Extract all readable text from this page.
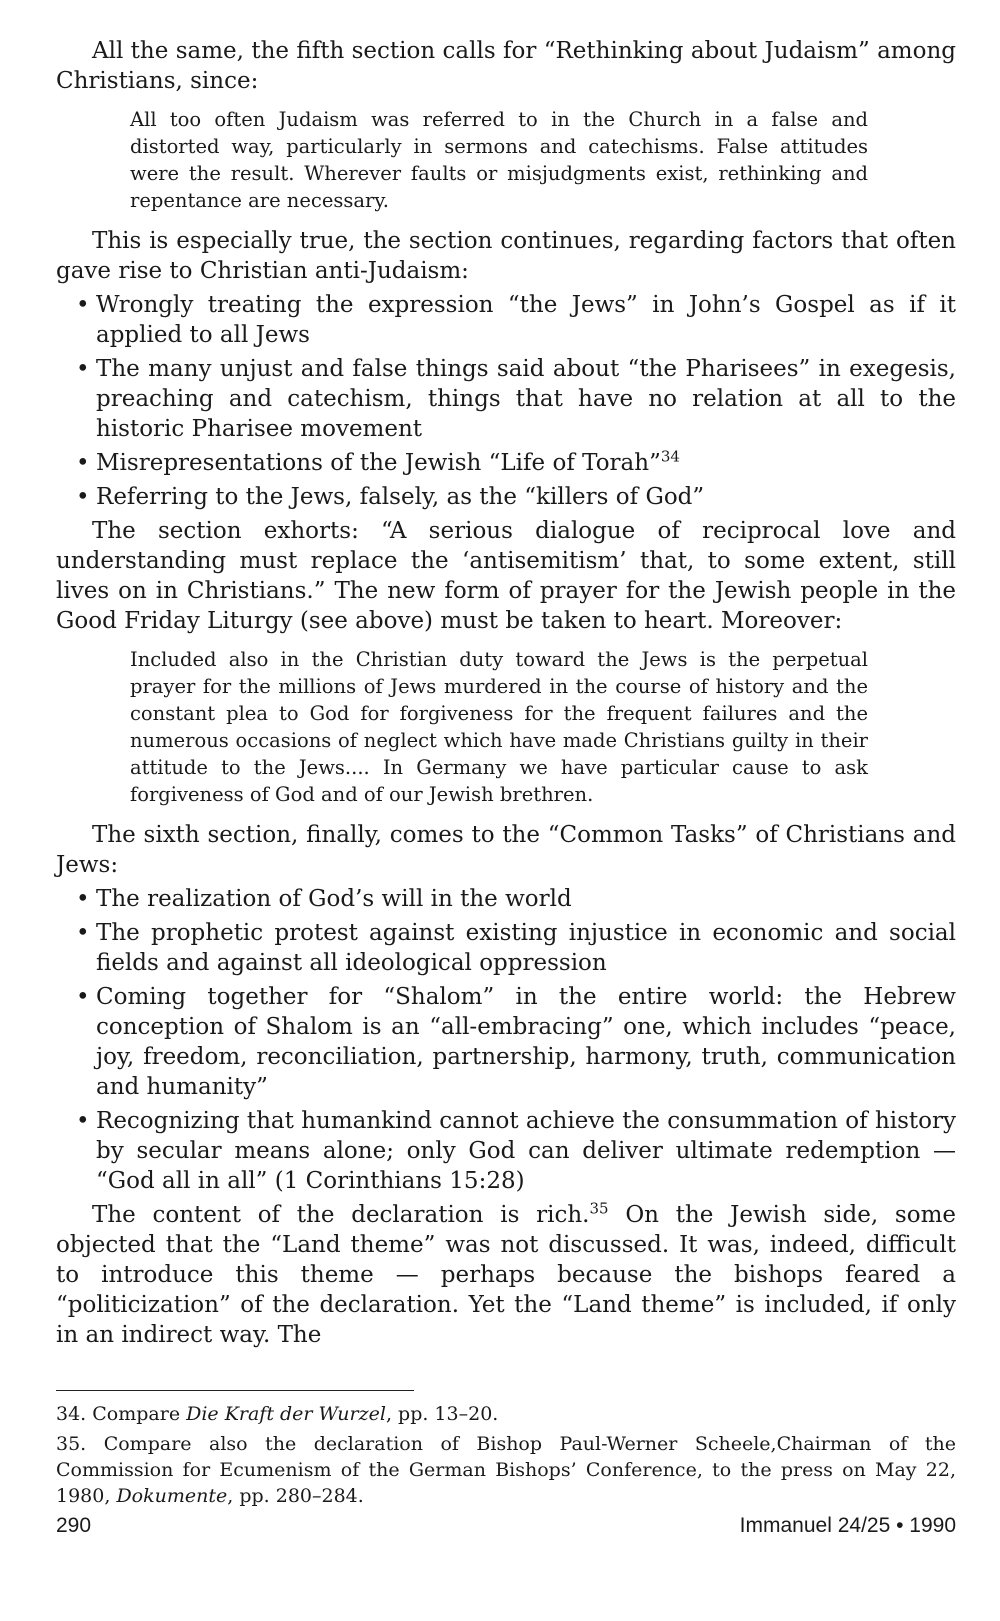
All the same, the fifth section calls for “Rethinking about Judaism” among Christians, since:

All too often Judaism was referred to in the Church in a false and distorted way, particularly in sermons and catechisms. False attitudes were the result. Wherever faults or misjudgments exist, rethinking and repentance are necessary.

This is especially true, the section continues, regarding factors that often gave rise to Christian anti-Judaism:

• Wrongly treating the expression “the Jews” in John’s Gospel as if it applied to all Jews
• The many unjust and false things said about “the Pharisees” in exegesis, preaching and catechism, things that have no relation at all to the historic Pharisee movement
• Misrepresentations of the Jewish “Life of Torah”$^{34}$
• Referring to the Jews, falsely, as the “killers of God”

The section exhorts: “A serious dialogue of reciprocal love and understanding must replace the ‘antisemitism’ that, to some extent, still lives on in Christians.” The new form of prayer for the Jewish people in the Good Friday Liturgy (see above) must be taken to heart. Moreover:

Included also in the Christian duty toward the Jews is the perpetual prayer for the millions of Jews murdered in the course of history and the constant plea to God for forgiveness for the frequent failures and the numerous occasions of neglect which have made Christians guilty in their attitude to the Jews.... In Germany we have particular cause to ask forgiveness of God and of our Jewish brethren.

The sixth section, finally, comes to the “Common Tasks” of Christians and Jews:

• The realization of God’s will in the world
• The prophetic protest against existing injustice in economic and social fields and against all ideological oppression
• Coming together for “Shalom” in the entire world: the Hebrew conception of Shalom is an “all-embracing” one, which includes “peace, joy, freedom, reconciliation, partnership, harmony, truth, communication and humanity”
• Recognizing that humankind cannot achieve the consummation of history by secular means alone; only God can deliver ultimate redemption — “God all in all” (1 Corinthians 15:28)

The content of the declaration is rich.$^{35}$ On the Jewish side, some objected that the “Land theme” was not discussed. It was, indeed, difficult to introduce this theme — perhaps because the bishops feared a “politicization” of the declaration. Yet the “Land theme” is included, if only in an indirect way. The

34. Compare Die Kraft der Wurzel, pp. 13–20.

35. Compare also the declaration of Bishop Paul-Werner Scheele,Chairman of the Commission for Ecumenism of the German Bishops’ Conference, to the press on May 22, 1980, Dokumente, pp. 280–284.

290	Immanuel 24/25 • 1990
